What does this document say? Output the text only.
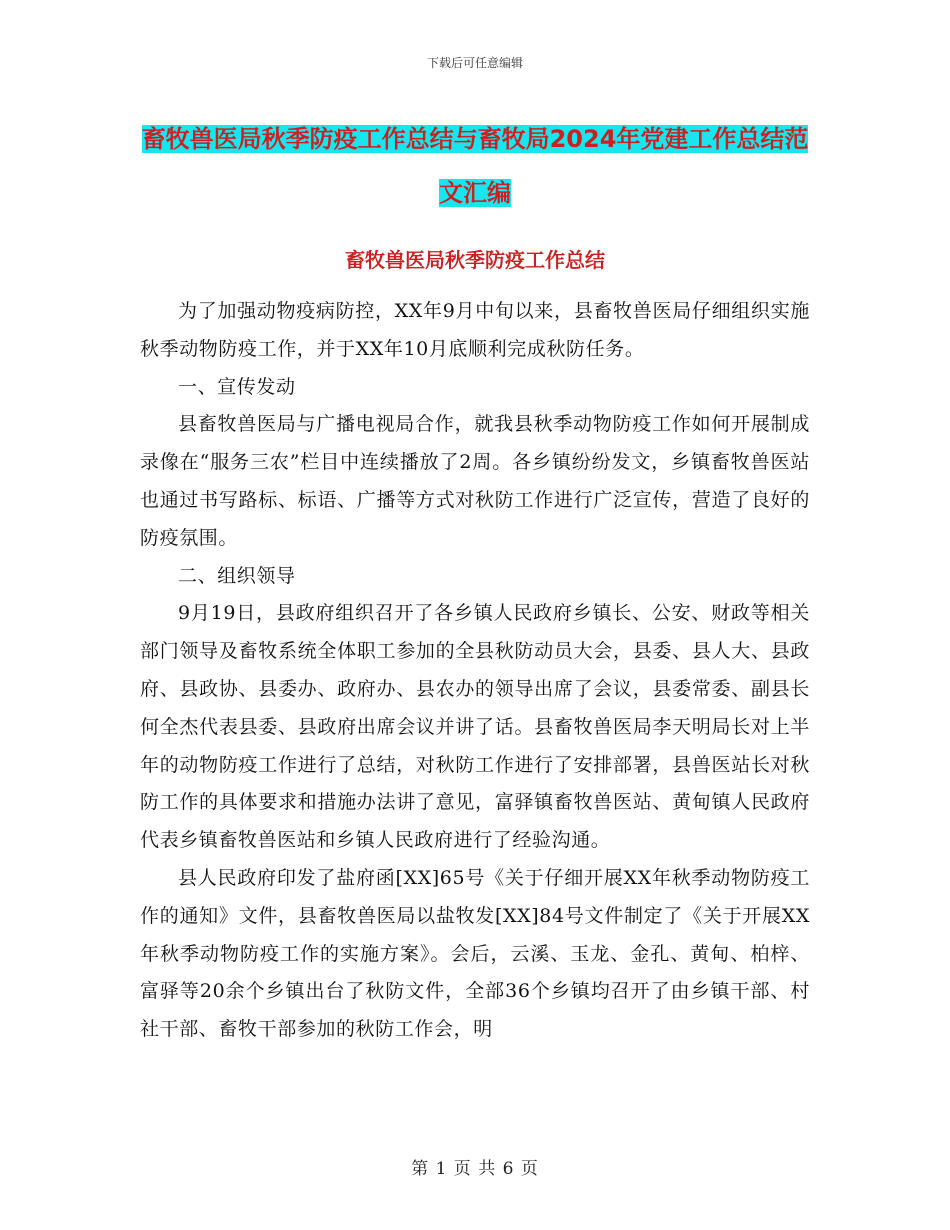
下载后可任意编辑
畜牧兽医局秋季防疫工作总结与畜牧局2024年党建工作总结范文汇编
畜牧兽医局秋季防疫工作总结

为了加强动物疫病防控，XX年9月中旬以来，县畜牧兽医局仔细组织实施秋季动物防疫工作，并于XX年10月底顺利完成秋防任务。

一、宣传发动

县畜牧兽医局与广播电视局合作，就我县秋季动物防疫工作如何开展制成录像在“服务三农”栏目中连续播放了2周。各乡镇纷纷发文，乡镇畜牧兽医站也通过书写路标、标语、广播等方式对秋防工作进行广泛宣传，营造了良好的防疫氛围。

二、组织领导

9月19日，县政府组织召开了各乡镇人民政府乡镇长、公安、财政等相关部门领导及畜牧系统全体职工参加的全县秋防动员大会，县委、县人大、县政府、县政协、县委办、政府办、县农办的领导出席了会议，县委常委、副县长何全杰代表县委、县政府出席会议并讲了话。县畜牧兽医局李天明局长对上半年的动物防疫工作进行了总结，对秋防工作进行了安排部署，县兽医站长对秋防工作的具体要求和措施办法讲了意见，富驿镇畜牧兽医站、黄甸镇人民政府代表乡镇畜牧兽医站和乡镇人民政府进行了经验沟通。

县人民政府印发了盐府函[XX]65号《关于仔细开展XX年秋季动物防疫工作的通知》文件，县畜牧兽医局以盐牧发[XX]84号文件制定了《关于开展XX年秋季动物防疫工作的实施方案》。会后，云溪、玉龙、金孔、黄甸、柏梓、富驿等20余个乡镇出台了秋防文件，全部36个乡镇均召开了由乡镇干部、村社干部、畜牧干部参加的秋防工作会，明

第 1 页 共 6 页
